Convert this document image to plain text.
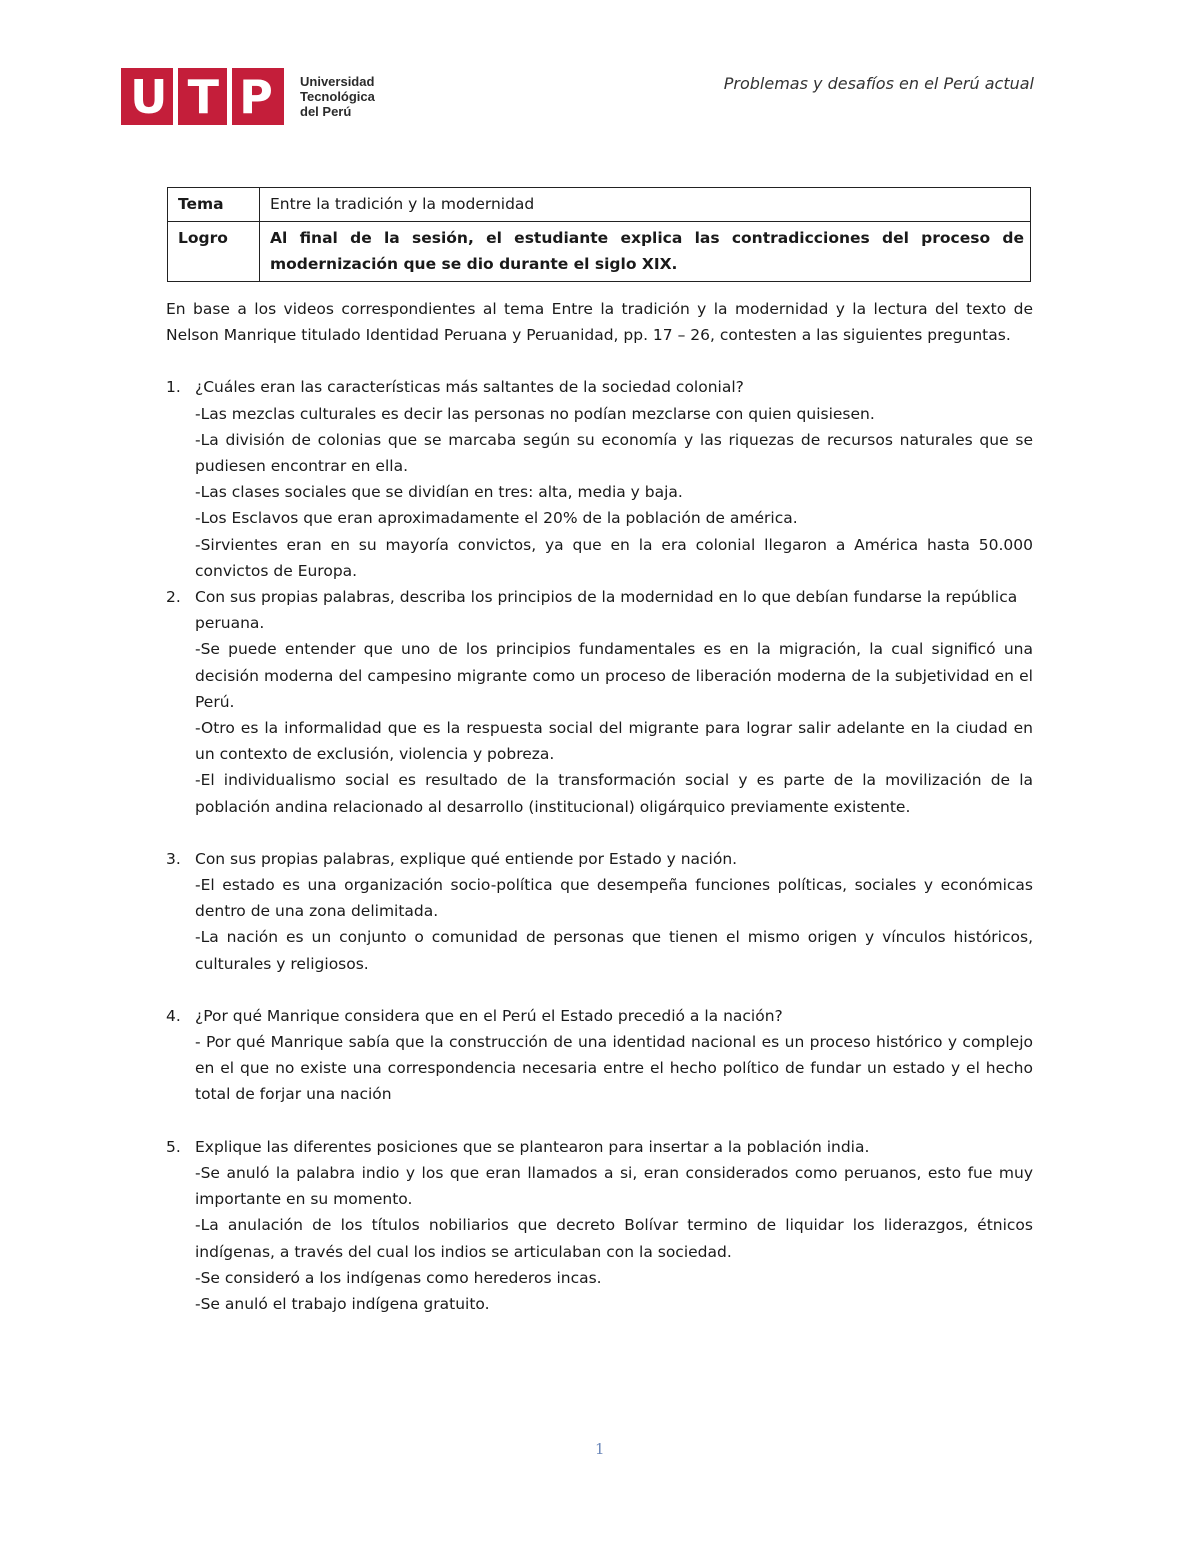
U T P Universidad
Tecnológica
del Perú
Problemas y desafíos en el Perú actual
Tema	Entre la tradición y la modernidad
Logro	Al final de la sesión, el estudiante explica las contradicciones del proceso de modernización que se dio durante el siglo XIX.

En base a los videos correspondientes al tema Entre la tradición y la modernidad y la lectura del texto de Nelson Manrique titulado Identidad Peruana y Peruanidad, pp. 17 – 26, contesten a las siguientes preguntas.

1. ¿Cuáles eran las características más saltantes de la sociedad colonial?
-Las mezclas culturales es decir las personas no podían mezclarse con quien quisiesen.
-La división de colonias que se marcaba según su economía y las riquezas de recursos naturales que se pudiesen encontrar en ella.
-Las clases sociales que se dividían en tres: alta, media y baja.
-Los Esclavos que eran aproximadamente el 20% de la población de américa.
-Sirvientes eran en su mayoría convictos, ya que en la era colonial llegaron a América hasta 50.000 convictos de Europa.
2. Con sus propias palabras, describa los principios de la modernidad en lo que debían fundarse la república peruana.
-Se puede entender que uno de los principios fundamentales es en la migración, la cual significó una decisión moderna del campesino migrante como un proceso de liberación moderna de la subjetividad en el Perú.
-Otro es la informalidad que es la respuesta social del migrante para lograr salir adelante en la ciudad en un contexto de exclusión, violencia y pobreza.
-El individualismo social es resultado de la transformación social y es parte de la movilización de la población andina relacionado al desarrollo (institucional) oligárquico previamente existente.
3. Con sus propias palabras, explique qué entiende por Estado y nación.
-El estado es una organización socio-política que desempeña funciones políticas, sociales y económicas dentro de una zona delimitada.
-La nación es un conjunto o comunidad de personas que tienen el mismo origen y vínculos históricos, culturales y religiosos.
4. ¿Por qué Manrique considera que en el Perú el Estado precedió a la nación?
- Por qué Manrique sabía que la construcción de una identidad nacional es un proceso histórico y complejo en el que no existe una correspondencia necesaria entre el hecho político de fundar un estado y el hecho total de forjar una nación
5. Explique las diferentes posiciones que se plantearon para insertar a la población india.
-Se anuló la palabra indio y los que eran llamados a si, eran considerados como peruanos, esto fue muy importante en su momento.
-La anulación de los títulos nobiliarios que decreto Bolívar termino de liquidar los liderazgos, étnicos indígenas, a través del cual los indios se articulaban con la sociedad.
-Se consideró a los indígenas como herederos incas.
-Se anuló el trabajo indígena gratuito.
1
